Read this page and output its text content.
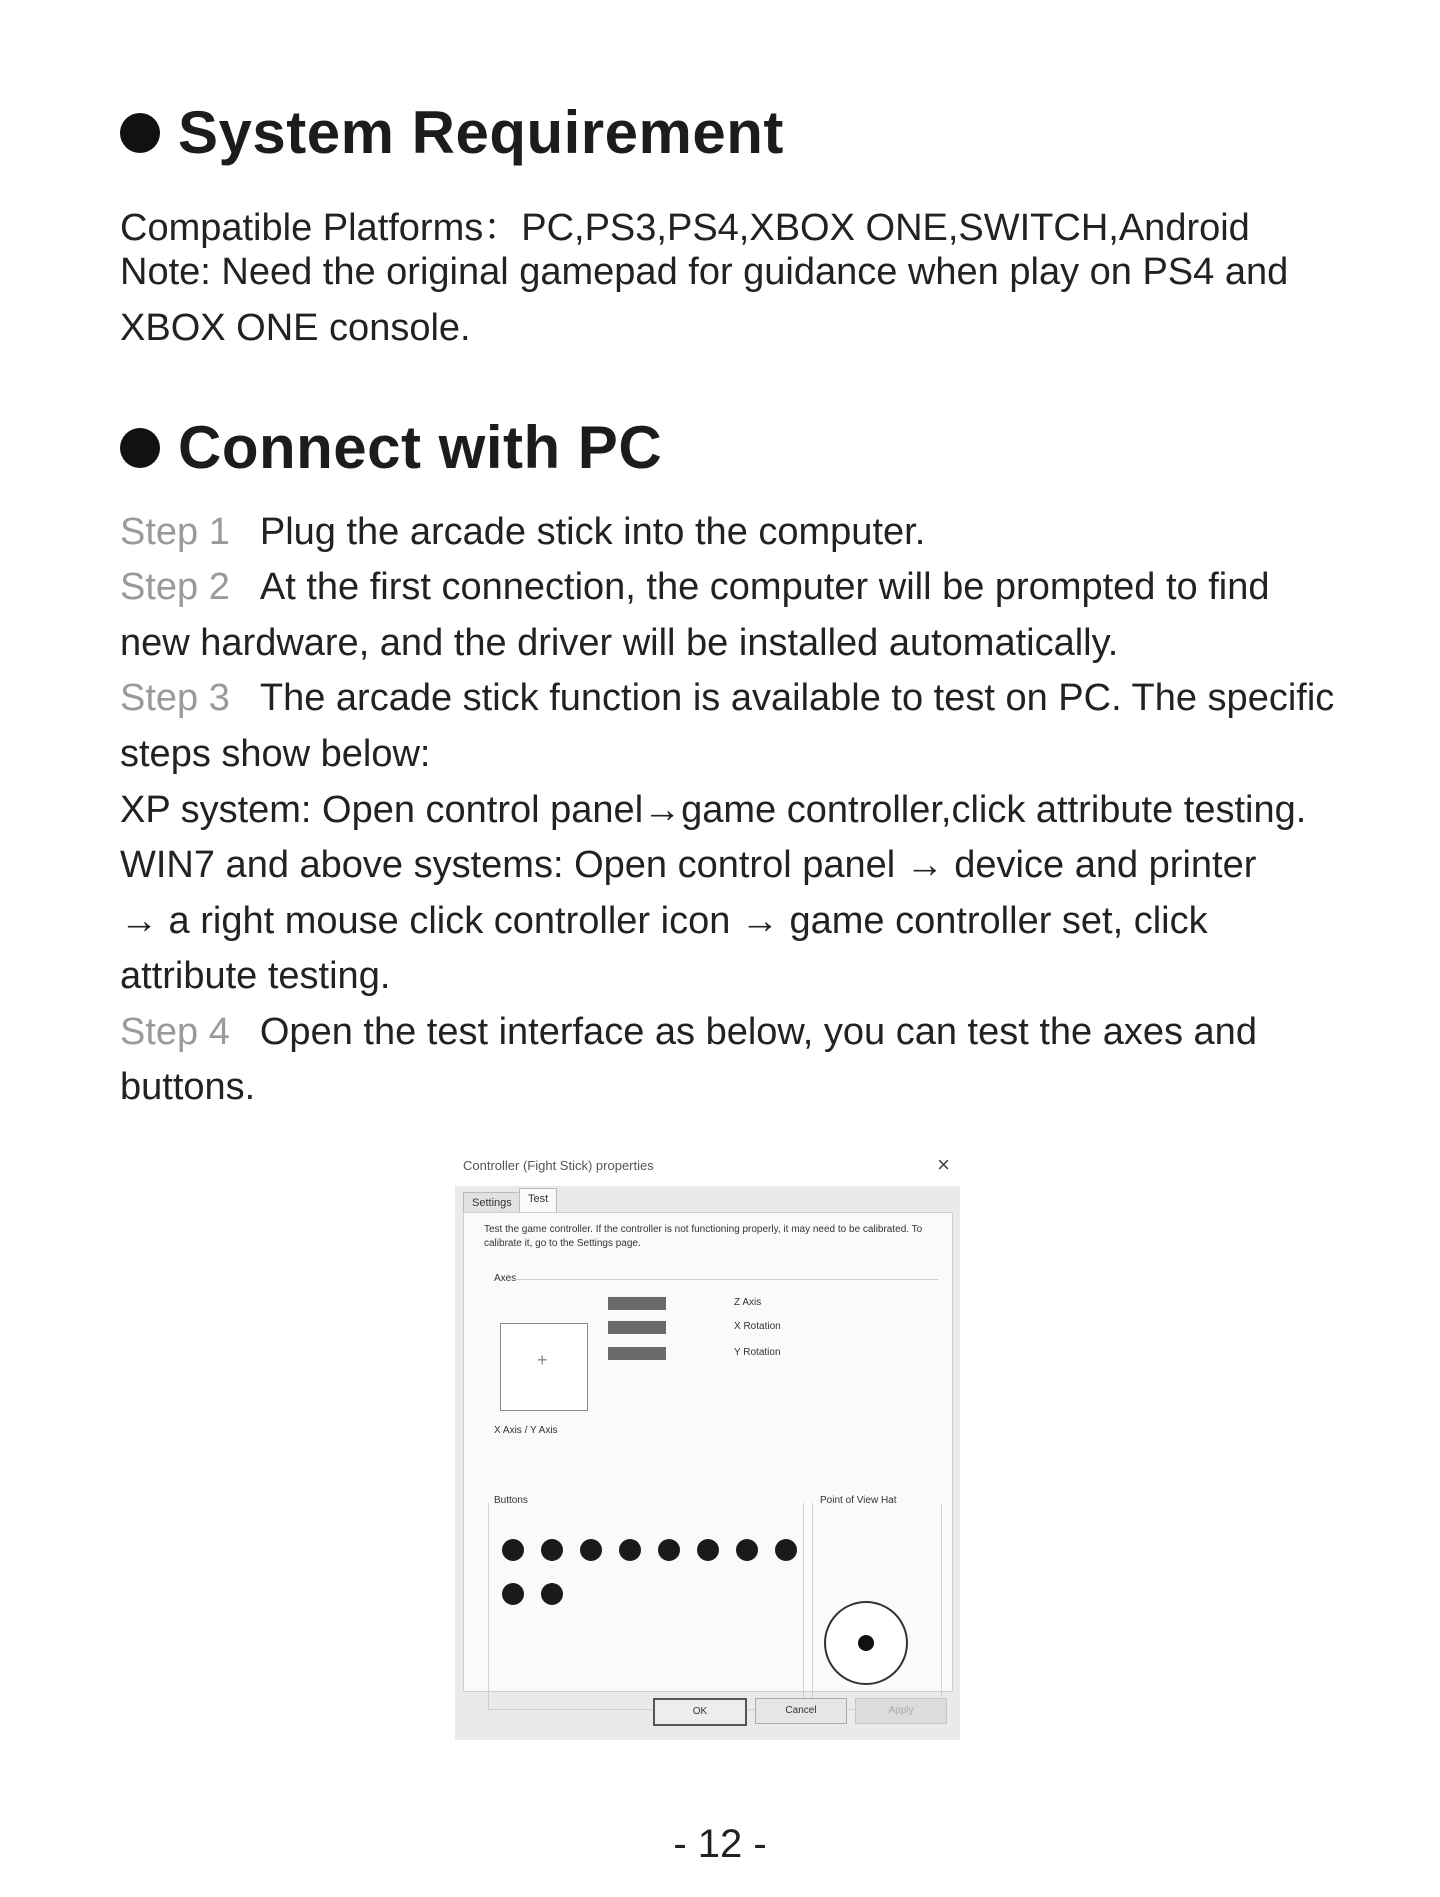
System Requirement
Compatible Platforms：PC,PS3,PS4,XBOX ONE,SWITCH,Android
Note: Need the original gamepad for guidance when play on PS4 and
XBOX ONE console.
Connect with PC
Step 1 Plug the arcade stick into the computer.
Step 2 At the first connection, the computer will be prompted to find
new hardware, and the driver will be installed automatically.
Step 3 The arcade stick function is available to test on PC. The specific
steps show below:
XP system: Open control panel→game controller,click attribute testing.
WIN7 and above systems: Open control panel → device and printer
→ a right mouse click controller icon → game controller set, click
attribute testing.
Step 4 Open the test interface as below, you can test the axes and
buttons.
Controller (Fight Stick) properties	×
Settings	Test
Test the game controller. If the controller is not functioning properly, it may need to be calibrated. To calibrate it, go to the Settings page.
Axes
Z Axis
X Rotation
Y Rotation
+
X Axis / Y Axis
Buttons	Point of View Hat
OK	Cancel	Apply
- 12 -
